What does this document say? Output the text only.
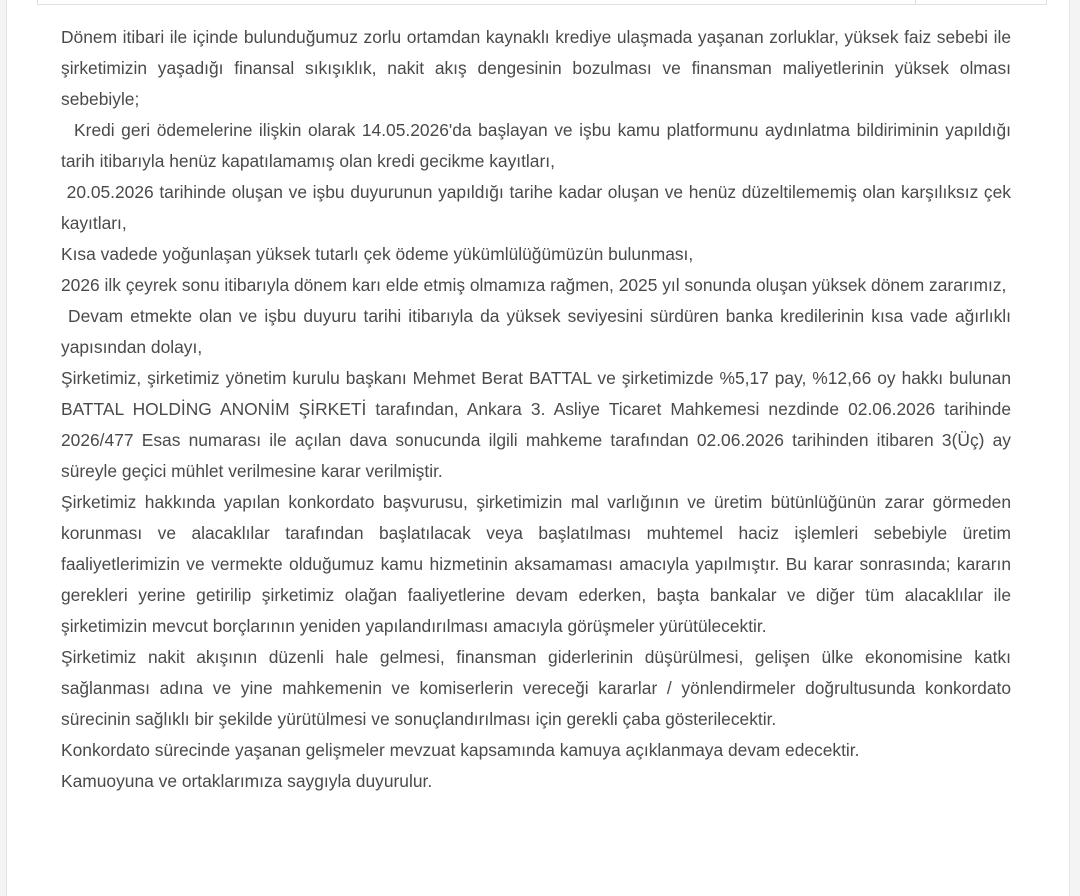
Dönem itibari ile içinde bulunduğumuz zorlu ortamdan kaynaklı krediye ulaşmada yaşanan zorluklar, yüksek faiz sebebi ile şirketimizin yaşadığı finansal sıkışıklık, nakit akış dengesinin bozulması ve finansman maliyetlerinin yüksek olması sebebiyle;

Kredi geri ödemelerine ilişkin olarak 14.05.2026'da başlayan ve işbu kamu platformunu aydınlatma bildiriminin yapıldığı tarih itibarıyla henüz kapatılamamış olan kredi gecikme kayıtları,

20.05.2026 tarihinde oluşan ve işbu duyurunun yapıldığı tarihe kadar oluşan ve henüz düzeltilememiş olan karşılıksız çek kayıtları,

Kısa vadede yoğunlaşan yüksek tutarlı çek ödeme yükümlülüğümüzün bulunması,

2026 ilk çeyrek sonu itibarıyla dönem karı elde etmiş olmamıza rağmen, 2025 yıl sonunda oluşan yüksek dönem zararımız,

Devam etmekte olan ve işbu duyuru tarihi itibarıyla da yüksek seviyesini sürdüren banka kredilerinin kısa vade ağırlıklı yapısından dolayı,

Şirketimiz, şirketimiz yönetim kurulu başkanı Mehmet Berat BATTAL ve şirketimizde %5,17 pay, %12,66 oy hakkı bulunan BATTAL HOLDİNG ANONİM ŞİRKETİ tarafından, Ankara 3. Asliye Ticaret Mahkemesi nezdinde 02.06.2026 tarihinde 2026/477 Esas numarası ile açılan dava sonucunda ilgili mahkeme tarafından 02.06.2026 tarihinden itibaren 3(Üç) ay süreyle geçici mühlet verilmesine karar verilmiştir.

Şirketimiz hakkında yapılan konkordato başvurusu, şirketimizin mal varlığının ve üretim bütünlüğünün zarar görmeden korunması ve alacaklılar tarafından başlatılacak veya başlatılması muhtemel haciz işlemleri sebebiyle üretim faaliyetlerimizin ve vermekte olduğumuz kamu hizmetinin aksamaması amacıyla yapılmıştır. Bu karar sonrasında; kararın gerekleri yerine getirilip şirketimiz olağan faaliyetlerine devam ederken, başta bankalar ve diğer tüm alacaklılar ile şirketimizin mevcut borçlarının yeniden yapılandırılması amacıyla görüşmeler yürütülecektir.

Şirketimiz nakit akışının düzenli hale gelmesi, finansman giderlerinin düşürülmesi, gelişen ülke ekonomisine katkı sağlanması adına ve yine mahkemenin ve komiserlerin vereceği kararlar / yönlendirmeler doğrultusunda konkordato sürecinin sağlıklı bir şekilde yürütülmesi ve sonuçlandırılması için gerekli çaba gösterilecektir.

Konkordato sürecinde yaşanan gelişmeler mevzuat kapsamında kamuya açıklanmaya devam edecektir.

Kamuoyuna ve ortaklarımıza saygıyla duyurulur.
